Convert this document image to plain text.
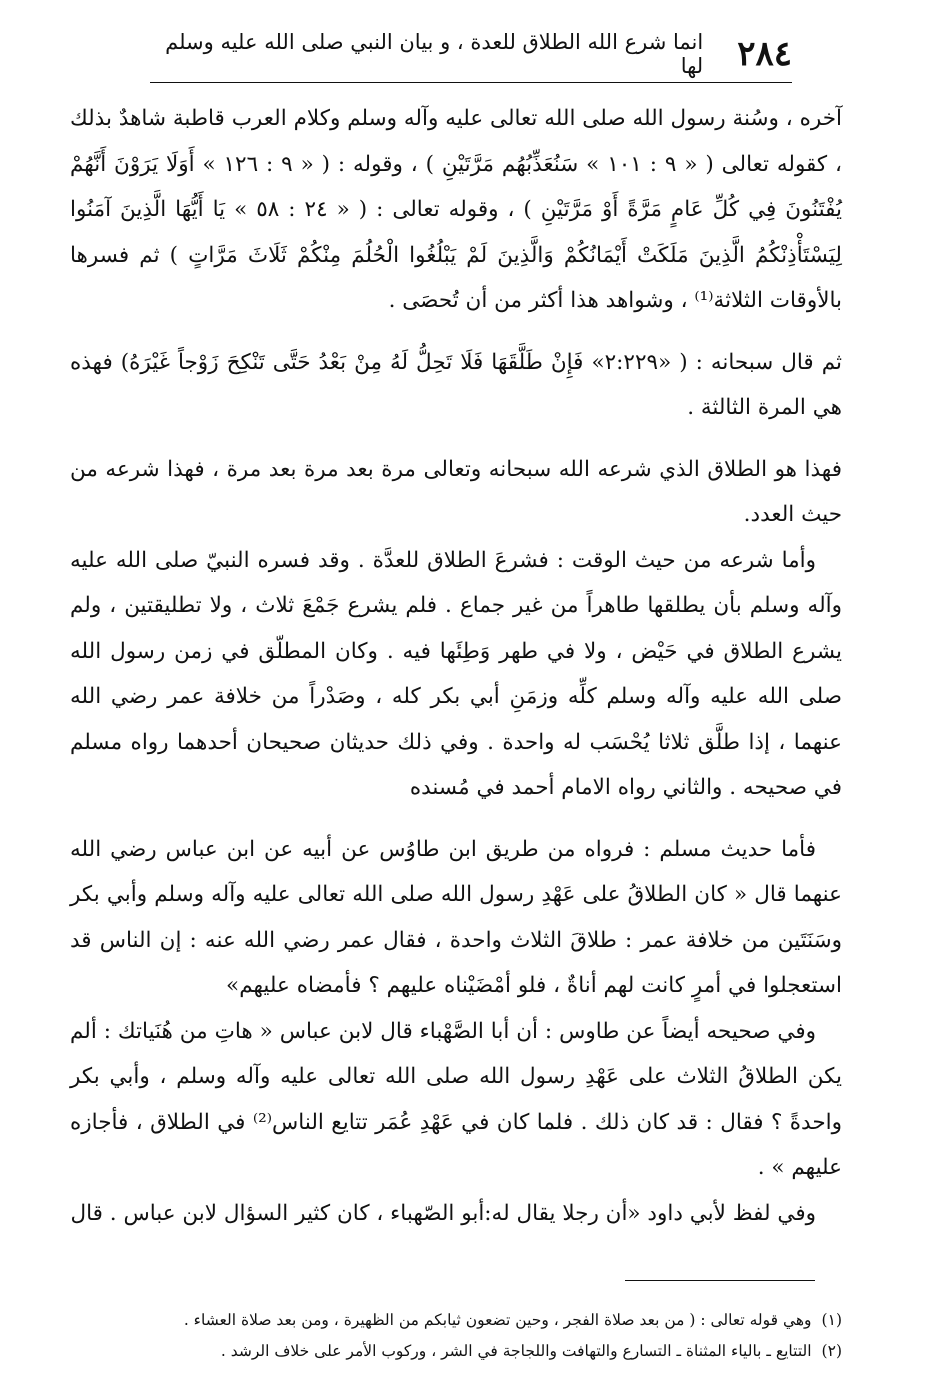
٢٨٤
انما شرع الله الطلاق للعدة ، و بيان النبي صلى الله عليه وسلم لها

آخره ، وسُنة رسول الله صلى الله تعالى عليه وآله وسلم وكلام العرب قاطبة شاهدٌ بذلك ، كقوله تعالى ( « ٩ : ١٠١ » سَنُعَذِّبُهُم مَرَّتَيْنِ ) ، وقوله : ( « ٩ : ١٢٦ » أَوَلَا يَرَوْنَ أَنَّهُمْ يُفْتَنُونَ فِي كُلِّ عَامٍ مَرَّةً أَوْ مَرَّتَيْنِ ) ، وقوله تعالى : ( « ٢٤ : ٥٨ » يَا أَيُّهَا الَّذِينَ آمَنُوا لِيَسْتَأْذِنْكُمُ الَّذِينَ مَلَكَتْ أَيْمَانُكُمْ وَالَّذِينَ لَمْ يَبْلُغُوا الْحُلُمَ مِنْكُمْ ثَلَاثَ مَرَّاتٍ ) ثم فسرها بالأوقات الثلاثة⁽¹⁾ ، وشواهد هذا أكثر من أن تُحصَى .

ثم قال سبحانه : ( «٢:٢٢٩» فَإِنْ طَلَّقَهَا فَلَا تَحِلُّ لَهُ مِنْ بَعْدُ حَتَّى تَنْكِحَ زَوْجاً غَيْرَهُ) فهذه هي المرة الثالثة .

فهذا هو الطلاق الذي شرعه الله سبحانه وتعالى مرة بعد مرة بعد مرة ، فهذا شرعه من حيث العدد.

وأما شرعه من حيث الوقت : فشرعَ الطلاق للعدَّة . وقد فسره النبيّ صلى الله عليه وآله وسلم بأن يطلقها طاهراً من غير جماع . فلم يشرع جَمْعَ ثلاث ، ولا تطليقتين ، ولم يشرع الطلاق في حَيْض ، ولا في طهر وَطِئَها فيه . وكان المطلّق في زمن رسول الله صلى الله عليه وآله وسلم كلِّه وزمَنِ أبي بكر كله ، وصَدْراً من خلافة عمر رضي الله عنهما ، إذا طلَّق ثلاثا يُحْسَب له واحدة . وفي ذلك حديثان صحيحان أحدهما رواه مسلم في صحيحه . والثاني رواه الامام أحمد في مُسنده

فأما حديث مسلم : فرواه من طريق ابن طاوُس عن أبيه عن ابن عباس رضي الله عنهما قال « كان الطلاقُ على عَهْدِ رسول الله صلى الله تعالى عليه وآله وسلم وأبي بكر وسَنَتَين من خلافة عمر : طلاقَ الثلاث واحدة ، فقال عمر رضي الله عنه : إن الناس قد استعجلوا في أمرٍ كانت لهم أناةٌ ، فلو أمْضَيْناه عليهم ؟ فأمضاه عليهم»

وفي صحيحه أيضاً عن طاوس : أن أبا الصَّهْباء قال لابن عباس « هاتِ من هُنَياتك : ألم يكن الطلاقُ الثلاث على عَهْدِ رسول الله صلى الله تعالى عليه وآله وسلم ، وأبي بكر واحدةً ؟ فقال : قد كان ذلك . فلما كان في عَهْدِ عُمَر تتايع الناس⁽²⁾ في الطلاق ، فأجازه عليهم » .

وفي لفظ لأبي داود «أن رجلا يقال له:أبو الصّهباء ، كان كثير السؤال لابن عباس . قال

(١)
وهي قوله تعالى : ( من بعد صلاة الفجر ، وحين تضعون ثيابكم من الظهيرة ، ومن بعد صلاة العشاء .
(٢)
التتايع ـ بالياء المثناة ـ التسارع والتهافت واللجاجة في الشر ، وركوب الأمر على خلاف الرشد .
